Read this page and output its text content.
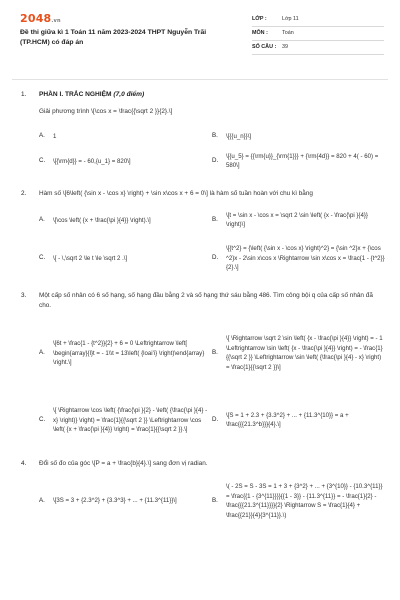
2048.vn
Đề thi giữa kì 1 Toán 11 năm 2023-2024 THPT Nguyễn Trãi (TP.HCM) có đáp án
LỚP :	Lớp 11
MÔN :	Toán
SỐ CÂU :	39
1. PHẦN I. TRẮC NGHIỆM (7,0 điểm)
Giải phương trình \[\cos x = \frac{{\sqrt 2 }}{2}.\]
A.	1	B.	\[{{u_n}}\]
C.	\[{\rm{d}} = - 60,{u_1} = 820\]	D.
\[{u_5} = {{\rm{u}}_{\rm{1}}} + {\rm{4d}} = 820 + 4( - 60) = 580\]
2. Hàm số \[6\left( {\sin x - \cos x} \right) + \sin x\cos x + 6 = 0\] là hàm số tuần hoàn với chu kì bằng
A.	\[\cos \left( {x + \frac{\pi }{4}} \right).\]	B.
\[t = \sin x - \cos x = \sqrt 2 \sin \left( {x - \frac{\pi }{4}} \right)\]
C.	\[ - \,\sqrt 2 \le t \le \sqrt 2 .\]	D.
\[{t^2} = {\left( {\sin x - \cos x} \right)^2} = {\sin ^2}x + {\cos ^2}x - 2\sin x\cos x \Rightarrow \sin x\cos x = \frac{1 - {t^2}}{2}.\]
3. Một cấp số nhân có 6 số hạng, số hạng đầu bằng 2 và số hạng thứ sáu bằng 486. Tìm công bội q của cấp số nhân đã cho.
A.
\[6t + \frac{1 - {t^2}}{2} + 6 = 0 \Leftrightarrow \left[ \begin{array}{l}t = - 1\\t = 13\left( {loai'i} \right)\end{array} \right.\]
B.
\[ \Rightarrow \sqrt 2 \sin \left( {x - \frac{\pi }{4}} \right) = - 1 \Leftrightarrow \sin \left( {x - \frac{\pi }{4}} \right) = - \frac{1}{{\sqrt 2 }} \Leftrightarrow \sin \left( {\frac{\pi }{4} - x} \right) = \frac{1}{{\sqrt 2 }}\]
C.
\[ \Rightarrow \cos \left( {\frac{\pi }{2} - \left( {\frac{\pi }{4} - x} \right)} \right) = \frac{1}{{\sqrt 2 }} \Leftrightarrow \cos \left( {x + \frac{\pi }{4}} \right) = \frac{1}{{\sqrt 2 }}.\]
D.
\[S = 1 + 2.3 + {3.3^2} + ... + {11.3^{10}} = a + \frac{{{21.3^b}}}{4}.\]
4. Đổi số đo của góc \[P = a + \frac{b}{4}.\] sang đơn vị radian.
A.	\[3S = 3 + {2.3^2} + {3.3^3} + ... + {11.3^{11}}\]	B.
\( - 2S = S - 3S = 1 + 3 + {3^2} + ... + {3^{10}} - {10.3^{11}} = \frac{{1 - {3^{11}}}}{{1 - 3}} - {11.3^{11}} = - \frac{1}{2} - \frac{{{21.3^{11}}}}{2} \Rightarrow S = \frac{1}{4} + \frac{{21}}{4}{3^{11}}.\)
